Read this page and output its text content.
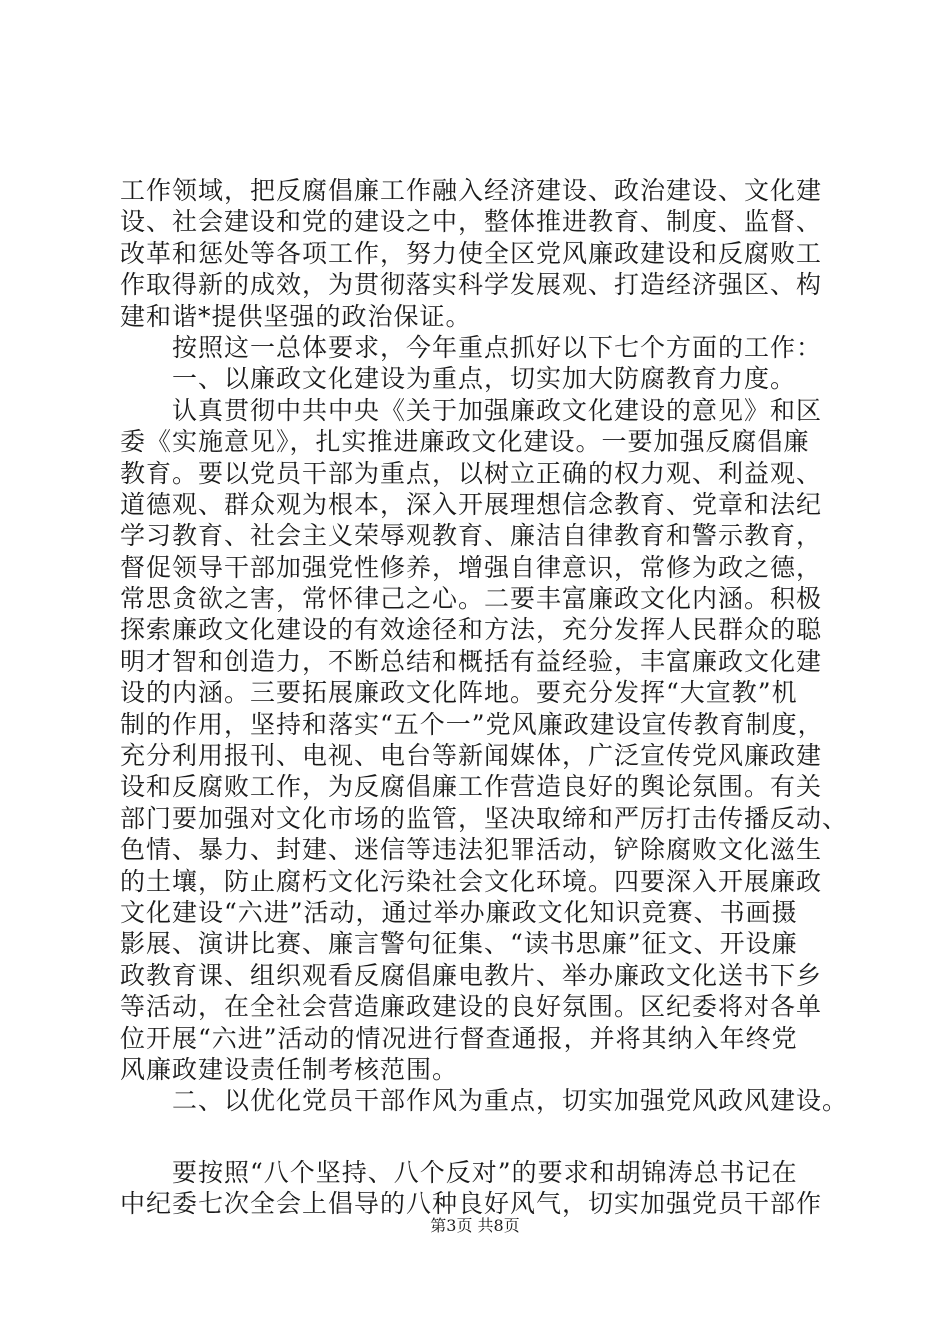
工作领域，把反腐倡廉工作融入经济建设、政治建设、文化建
设、社会建设和党的建设之中，整体推进教育、制度、监督、
改革和惩处等各项工作，努力使全区党风廉政建设和反腐败工
作取得新的成效，为贯彻落实科学发展观、打造经济强区、构
建和谐*提供坚强的政治保证。
　　按照这一总体要求，今年重点抓好以下七个方面的工作：
　　一、以廉政文化建设为重点，切实加大防腐教育力度。
　　认真贯彻中共中央《关于加强廉政文化建设的意见》和区
委《实施意见》，扎实推进廉政文化建设。一要加强反腐倡廉
教育。要以党员干部为重点，以树立正确的权力观、利益观、
道德观、群众观为根本，深入开展理想信念教育、党章和法纪
学习教育、社会主义荣辱观教育、廉洁自律教育和警示教育，
督促领导干部加强党性修养，增强自律意识，常修为政之德，
常思贪欲之害，常怀律己之心。二要丰富廉政文化内涵。积极
探索廉政文化建设的有效途径和方法，充分发挥人民群众的聪
明才智和创造力，不断总结和概括有益经验，丰富廉政文化建
设的内涵。三要拓展廉政文化阵地。要充分发挥“大宣教”机
制的作用，坚持和落实“五个一”党风廉政建设宣传教育制度，
充分利用报刊、电视、电台等新闻媒体，广泛宣传党风廉政建
设和反腐败工作，为反腐倡廉工作营造良好的舆论氛围。有关
部门要加强对文化市场的监管，坚决取缔和严厉打击传播反动、
色情、暴力、封建、迷信等违法犯罪活动，铲除腐败文化滋生
的土壤，防止腐朽文化污染社会文化环境。四要深入开展廉政
文化建设“六进”活动，通过举办廉政文化知识竞赛、书画摄
影展、演讲比赛、廉言警句征集、“读书思廉”征文、开设廉
政教育课、组织观看反腐倡廉电教片、举办廉政文化送书下乡
等活动，在全社会营造廉政建设的良好氛围。区纪委将对各单
位开展“六进”活动的情况进行督查通报，并将其纳入年终党
风廉政建设责任制考核范围。
　　二、以优化党员干部作风为重点，切实加强党风政风建设。
　　要按照“八个坚持、八个反对”的要求和胡锦涛总书记在
中纪委七次全会上倡导的八种良好风气，切实加强党员干部作
第3页 共8页
